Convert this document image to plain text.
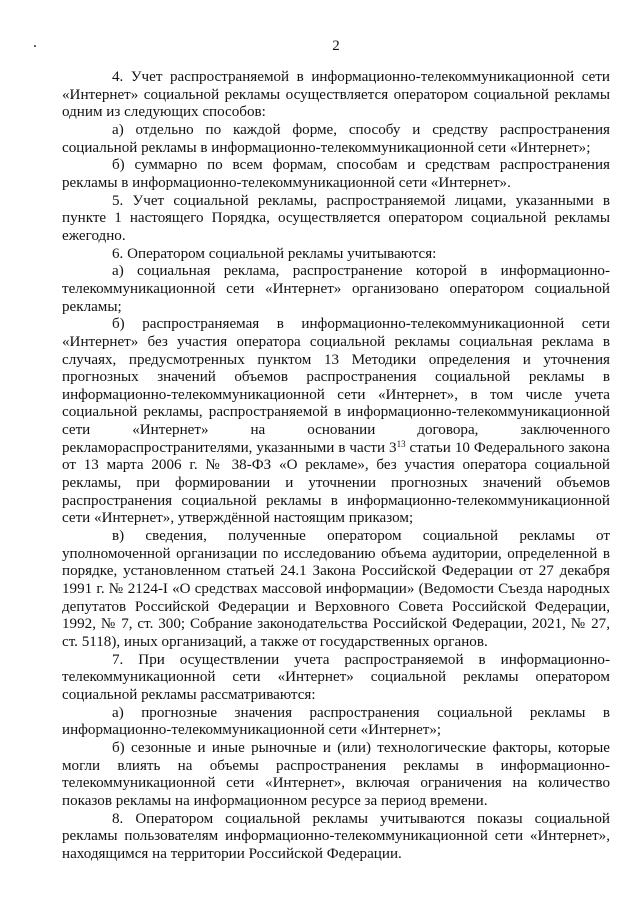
2

4. Учет распространяемой в информационно-телекоммуникационной сети «Интернет» социальной рекламы осуществляется оператором социальной рекламы одним из следующих способов:

а) отдельно по каждой форме, способу и средству распространения социальной рекламы в информационно-телекоммуникационной сети «Интернет»;

б) суммарно по всем формам, способам и средствам распространения рекламы в информационно-телекоммуникационной сети «Интернет».

5. Учет социальной рекламы, распространяемой лицами, указанными в пункте 1 настоящего Порядка, осуществляется оператором социальной рекламы ежегодно.

6. Оператором социальной рекламы учитываются:

а) социальная реклама, распространение которой в информационно-телекоммуникационной сети «Интернет» организовано оператором социальной рекламы;

б) распространяемая в информационно-телекоммуникационной сети «Интернет» без участия оператора социальной рекламы социальная реклама в случаях, предусмотренных пунктом 13 Методики определения и уточнения прогнозных значений объемов распространения социальной рекламы в информационно-телекоммуникационной сети «Интернет», в том числе учета социальной рекламы, распространяемой в информационно-телекоммуникационной сети «Интернет» на основании договора, заключенного рекламораспространителями, указанными в части $3^{13}$ статьи 10 Федерального закона от 13 марта 2006 г. № 38-ФЗ «О рекламе», без участия оператора социальной рекламы, при формировании и уточнении прогнозных значений объемов распространения социальной рекламы в информационно-телекоммуникационной сети «Интернет», утверждённой настоящим приказом;

в) сведения, полученные оператором социальной рекламы от уполномоченной организации по исследованию объема аудитории, определенной в порядке, установленном статьей 24.1 Закона Российской Федерации от 27 декабря 1991 г. № 2124-I «О средствах массовой информации» (Ведомости Съезда народных депутатов Российской Федерации и Верховного Совета Российской Федерации, 1992, № 7, ст. 300; Собрание законодательства Российской Федерации, 2021, № 27, ст. 5118), иных организаций, а также от государственных органов.

7. При осуществлении учета распространяемой в информационно-телекоммуникационной сети «Интернет» социальной рекламы оператором социальной рекламы рассматриваются:

а) прогнозные значения распространения социальной рекламы в информационно-телекоммуникационной сети «Интернет»;

б) сезонные и иные рыночные и (или) технологические факторы, которые могли влиять на объемы распространения рекламы в информационно-телекоммуникационной сети «Интернет», включая ограничения на количество показов рекламы на информационном ресурсе за период времени.

8. Оператором социальной рекламы учитываются показы социальной рекламы пользователям информационно-телекоммуникационной сети «Интернет», находящимся на территории Российской Федерации.
